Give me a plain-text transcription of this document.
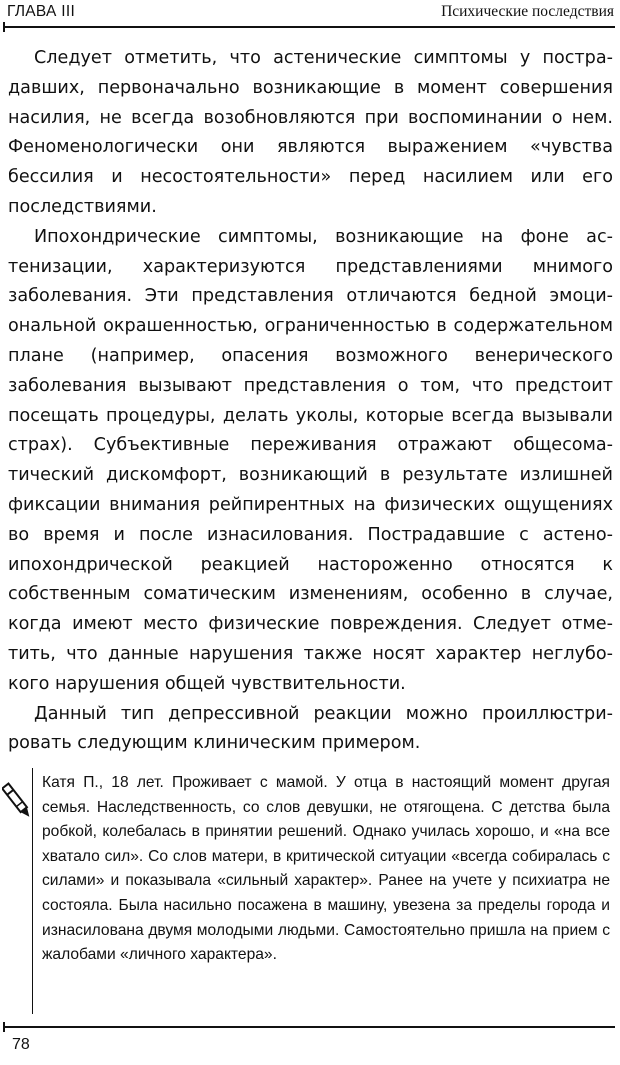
ГЛАВА III	Психические последствия

Следует отметить, что астенические симптомы у пострадавших, первоначально возникающие в момент совершения насилия, не всегда возобновляются при воспоминании о нем. Феноменологически они являются выражением «чувства бессилия и несостоятельности» перед насилием или его последствиями.

Ипохондрические симптомы, возникающие на фоне астенизации, характеризуются представлениями мнимого заболевания. Эти представления отличаются бедной эмоциональной окрашенностью, ограниченностью в содержательном плане (например, опасения возможного венерического заболевания вызывают представления о том, что предстоит посещать процедуры, делать уколы, которые всегда вызывали страх). Субъективные переживания отражают общесоматический дискомфорт, возникающий в результате излишней фиксации внимания рейпирентных на физических ощущениях во время и после изнасилования. Пострадавшие с астено-ипохондрической реакцией настороженно относятся к собственным соматическим изменениям, особенно в случае, когда имеют место физические повреждения. Следует отметить, что данные нарушения также носят характер неглубокого нарушения общей чувствительности.

Данный тип депрессивной реакции можно проиллюстрировать следующим клиническим примером.

Катя П., 18 лет. Проживает с мамой. У отца в настоящий момент другая семья. Наследственность, со слов девушки, не отягощена. С детства была робкой, колебалась в принятии решений. Однако училась хорошо, и «на все хватало сил». Со слов матери, в критической ситуации «всегда собиралась с силами» и показывала «сильный характер». Ранее на учете у психиатра не состояла. Была насильно посажена в машину, увезена за пределы города и изнасилована двумя молодыми людьми. Самостоятельно пришла на прием с жалобами «личного характера».
78
